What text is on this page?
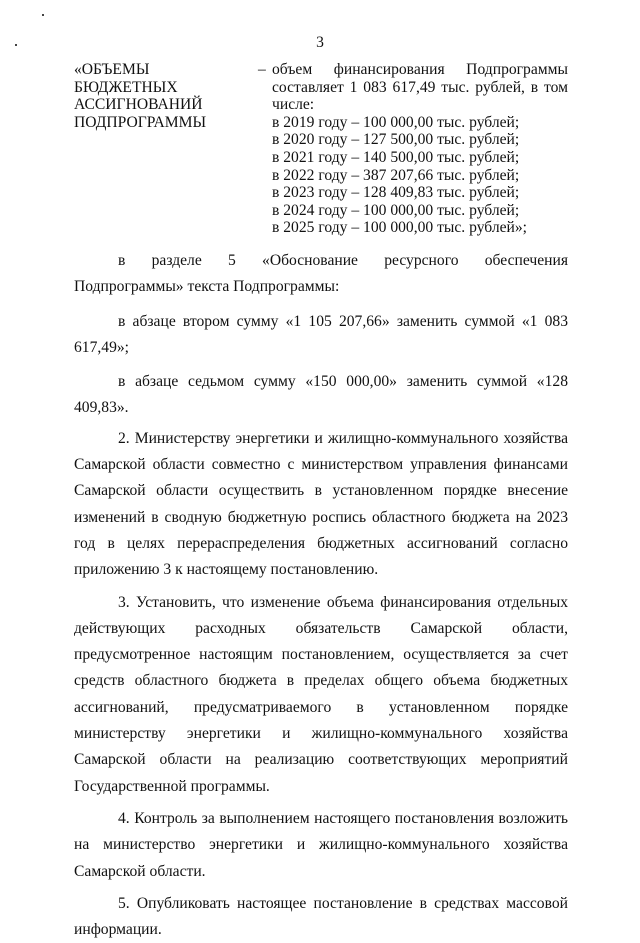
3
«ОБЪЕМЫ
БЮДЖЕТНЫХ
АССИГНОВАНИЙ
ПОДПРОГРАММЫ
– объем финансирования Подпрограммы
составляет 1 083 617,49 тыс. рублей, в том
числе:
в 2019 году – 100 000,00 тыс. рублей;
в 2020 году – 127 500,00 тыс. рублей;
в 2021 году – 140 500,00 тыс. рублей;
в 2022 году – 387 207,66 тыс. рублей;
в 2023 году – 128 409,83 тыс. рублей;
в 2024 году – 100 000,00 тыс. рублей;
в 2025 году – 100 000,00 тыс. рублей»;

в разделе 5 «Обоснование ресурсного обеспечения Подпрограммы» текста Подпрограммы:

в абзаце втором сумму «1 105 207,66» заменить суммой «1 083 617,49»;

в абзаце седьмом сумму «150 000,00» заменить суммой «128 409,83».

2. Министерству энергетики и жилищно-коммунального хозяйства Самарской области совместно с министерством управления финансами Самарской области осуществить в установленном порядке внесение изменений в сводную бюджетную роспись областного бюджета на 2023 год в целях перераспределения бюджетных ассигнований согласно приложению 3 к настоящему постановлению.

3. Установить, что изменение объема финансирования отдельных действующих расходных обязательств Самарской области, предусмотренное настоящим постановлением, осуществляется за счет средств областного бюджета в пределах общего объема бюджетных ассигнований, предусматриваемого в установленном порядке министерству энергетики и жилищно-коммунального хозяйства Самарской области на реализацию соответствующих мероприятий Государственной программы.

4. Контроль за выполнением настоящего постановления возложить на министерство энергетики и жилищно-коммунального хозяйства Самарской области.

5. Опубликовать настоящее постановление в средствах массовой информации.
